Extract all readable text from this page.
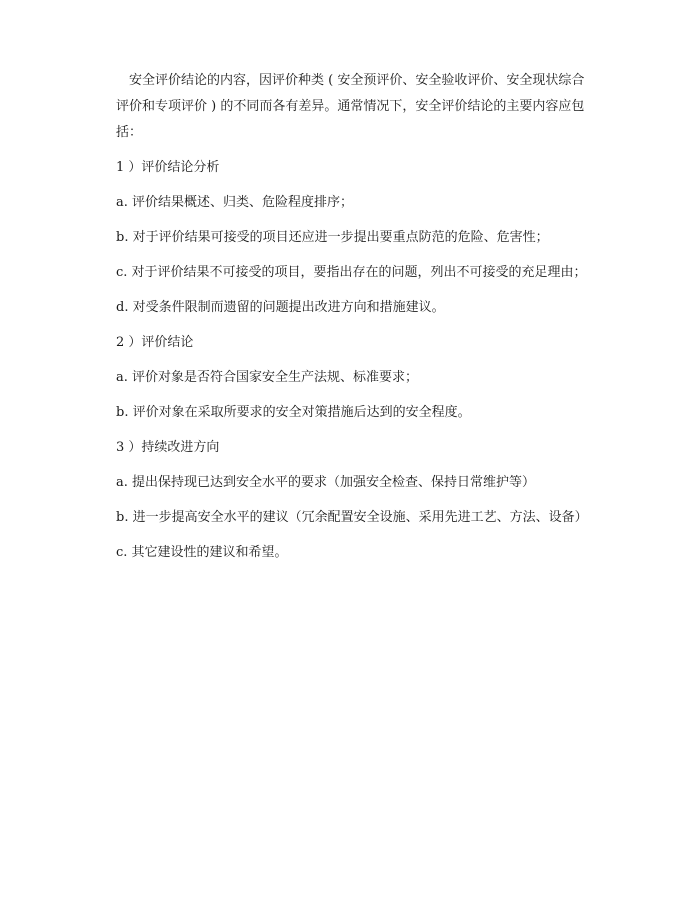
安全评价结论的内容，因评价种类 ( 安全预评价、安全验收评价、安全现状综合评价和专项评价 ) 的不同而各有差异。通常情况下，安全评价结论的主要内容应包括：

1 ）评价结论分析

a. 评价结果概述、归类、危险程度排序；

b. 对于评价结果可接受的项目还应进一步提出要重点防范的危险、危害性；

c. 对于评价结果不可接受的项目，要指出存在的问题，列出不可接受的充足理由；

d. 对受条件限制而遗留的问题提出改进方向和措施建议。

2 ）评价结论

a. 评价对象是否符合国家安全生产法规、标准要求；

b. 评价对象在采取所要求的安全对策措施后达到的安全程度。

3 ）持续改进方向

a. 提出保持现已达到安全水平的要求（加强安全检查、保持日常维护等）

b. 进一步提高安全水平的建议（冗余配置安全设施、采用先进工艺、方法、设备）

c. 其它建设性的建议和希望。
